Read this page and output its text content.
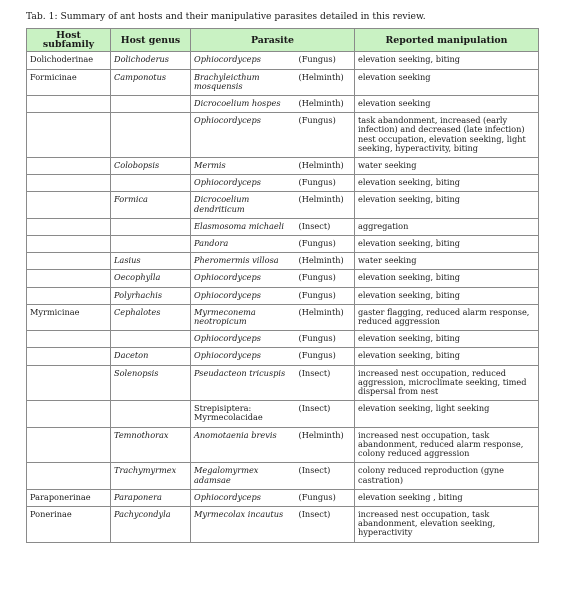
Tab. 1: Summary of ant hosts and their manipulative parasites detailed in this review.
Host subfamily	Host genus	Parasite		Reported manipulation
Dolichoderinae	Dolichoderus	Ophiocordyceps	(Fungus)	elevation seeking, biting
Formicinae	Camponotus	Brachyleicthum mosquensis	(Helminth)	elevation seeking
		Dicrocoelium hospes	(Helminth)	elevation seeking
		Ophiocordyceps	(Fungus)	task abandonment, increased (early infection) and decreased (late infection) nest occupation, elevation seeking, light seeking, hyperactivity, biting
	Colobopsis	Mermis	(Helminth)	water seeking
		Ophiocordyceps	(Fungus)	elevation seeking, biting
	Formica	Dicrocoelium dendriticum	(Helminth)	elevation seeking, biting
		Elasmosoma michaeli	(Insect)	aggregation
		Pandora	(Fungus)	elevation seeking, biting
	Lasius	Pheromermis villosa	(Helminth)	water seeking
	Oecophylla	Ophiocordyceps	(Fungus)	elevation seeking, biting
	Polyrhachis	Ophiocordyceps	(Fungus)	elevation seeking, biting
Myrmicinae	Cephalotes	Myrmeconema neotropicum	(Helminth)	gaster flagging, reduced alarm response, reduced aggression
		Ophiocordyceps	(Fungus)	elevation seeking, biting
	Daceton	Ophiocordyceps	(Fungus)	elevation seeking, biting
	Solenopsis	Pseudacteon tricuspis	(Insect)	increased nest occupation, reduced aggression, microclimate seeking, timed dispersal from nest
		Strepisiptera: Myrmecolacidae	(Insect)	elevation seeking, light seeking
	Temnothorax	Anomotaenia brevis	(Helminth)	increased nest occupation, task abandonment, reduced alarm response, colony reduced aggression
	Trachymyrmex	Megalomyrmex adamsae	(Insect)	colony reduced reproduction (gyne castration)
Paraponerinae	Paraponera	Ophiocordyceps	(Fungus)	elevation seeking , biting
Ponerinae	Pachycondyla	Myrmecolax incautus	(Insect)	increased nest occupation, task abandonment, elevation seeking, hyperactivity
